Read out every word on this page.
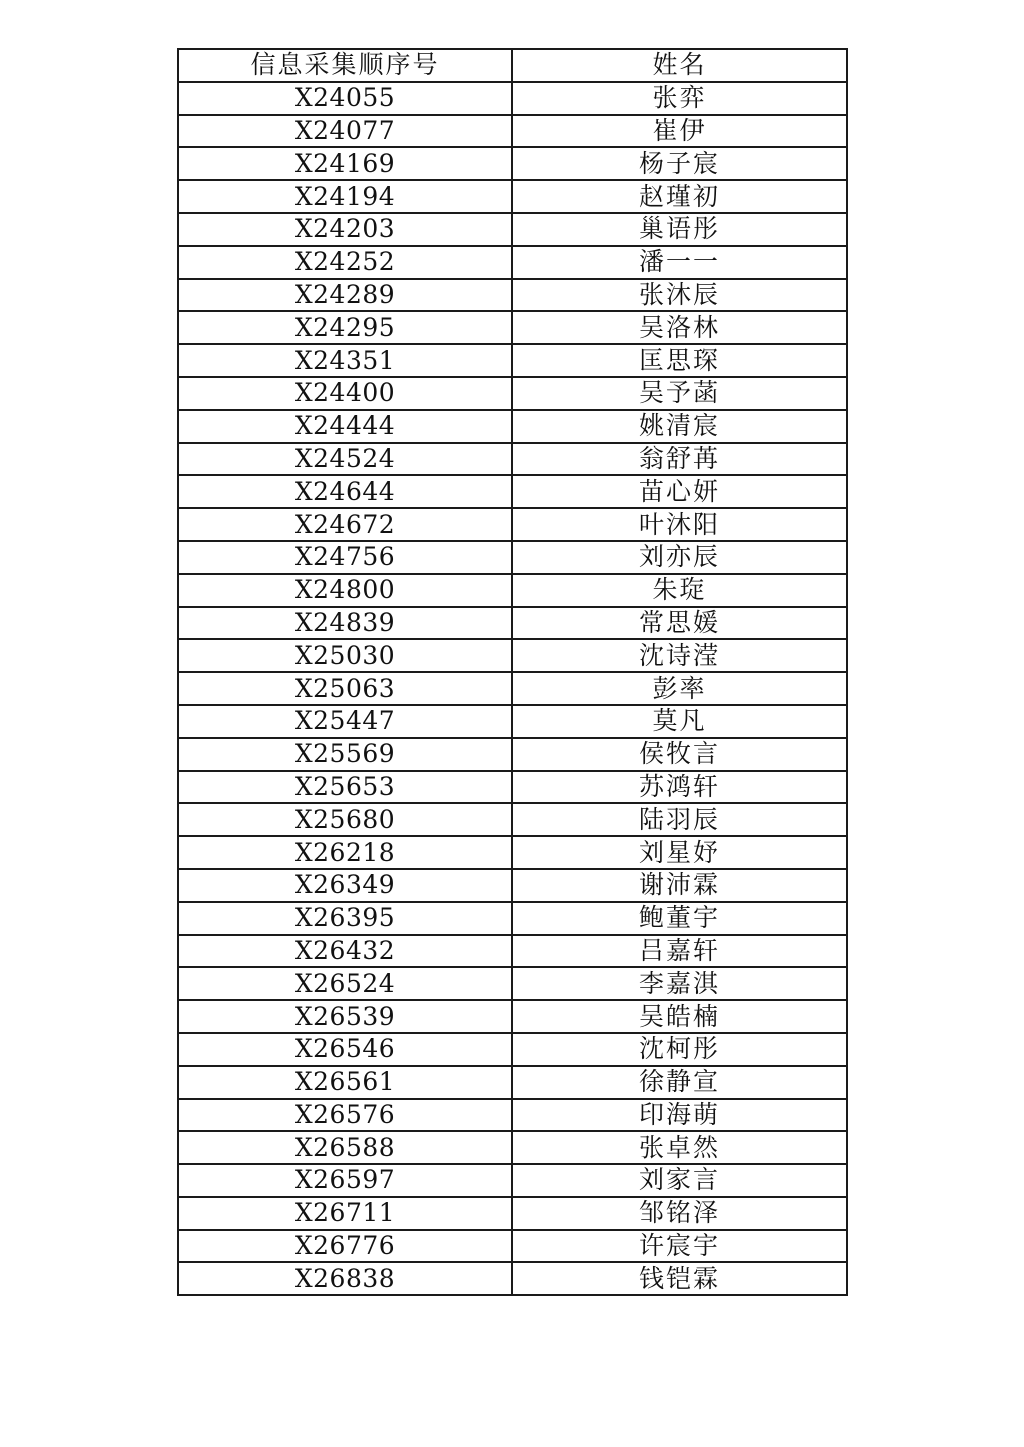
信息采集顺序号	姓名
X24055	张弈
X24077	崔伊
X24169	杨子宸
X24194	赵瑾初
X24203	巢语彤
X24252	潘一一
X24289	张沐辰
X24295	吴洛林
X24351	匡思琛
X24400	吴予菡
X24444	姚清宸
X24524	翁舒苒
X24644	苗心妍
X24672	叶沐阳
X24756	刘亦辰
X24800	朱琁
X24839	常思媛
X25030	沈诗滢
X25063	彭率
X25447	莫凡
X25569	侯牧言
X25653	苏鸿轩
X25680	陆羽辰
X26218	刘星妤
X26349	谢沛霖
X26395	鲍董宇
X26432	吕嘉轩
X26524	李嘉淇
X26539	吴皓楠
X26546	沈柯彤
X26561	徐静宣
X26576	印海萌
X26588	张卓然
X26597	刘家言
X26711	邹铭泽
X26776	许宸宇
X26838	钱铠霖
